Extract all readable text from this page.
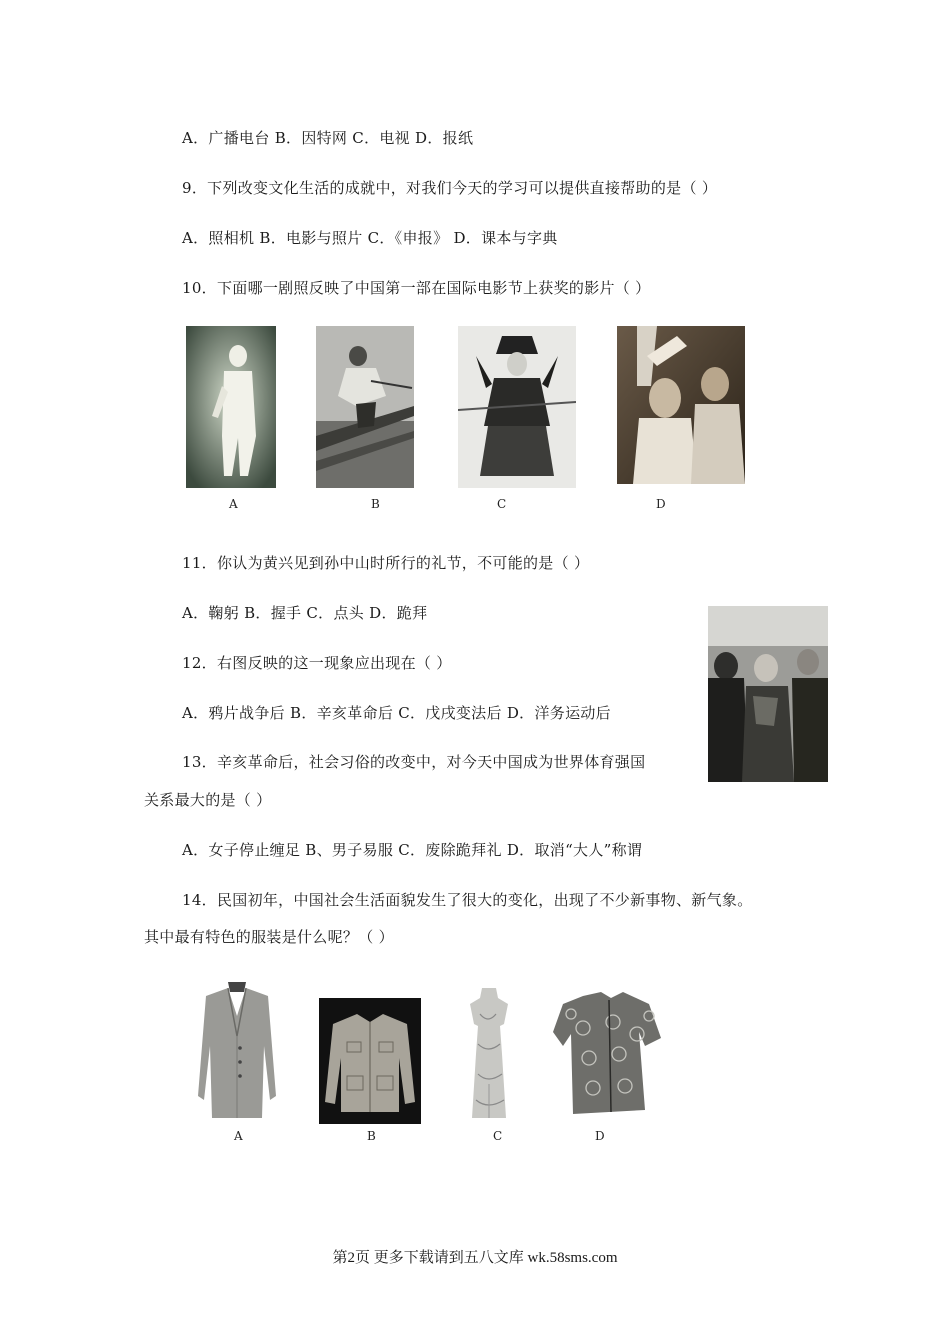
A．广播电台 B．因特网 C．电视 D．报纸
9．下列改变文化生活的成就中，对我们今天的学习可以提供直接帮助的是（ ）
A．照相机 B．电影与照片 C．《申报》 D．课本与字典
10．下面哪一剧照反映了中国第一部在国际电影节上获奖的影片（ ）
A	B	C	D
11．你认为黄兴见到孙中山时所行的礼节，不可能的是（ ）
A．鞠躬 B．握手 C．点头 D．跪拜
12．右图反映的这一现象应出现在（ ）
A．鸦片战争后 B．辛亥革命后 C．戊戌变法后 D．洋务运动后
13．辛亥革命后，社会习俗的改变中，对今天中国成为世界体育强国
关系最大的是（ ）
A．女子停止缠足 B、男子易服 C．废除跪拜礼 D．取消“大人”称谓
14．民国初年，中国社会生活面貌发生了很大的变化，出现了不少新事物、新气象。
其中最有特色的服装是什么呢？（ ）
A	B	C	D
第2页 更多下载请到五八文库 wk.58sms.com
